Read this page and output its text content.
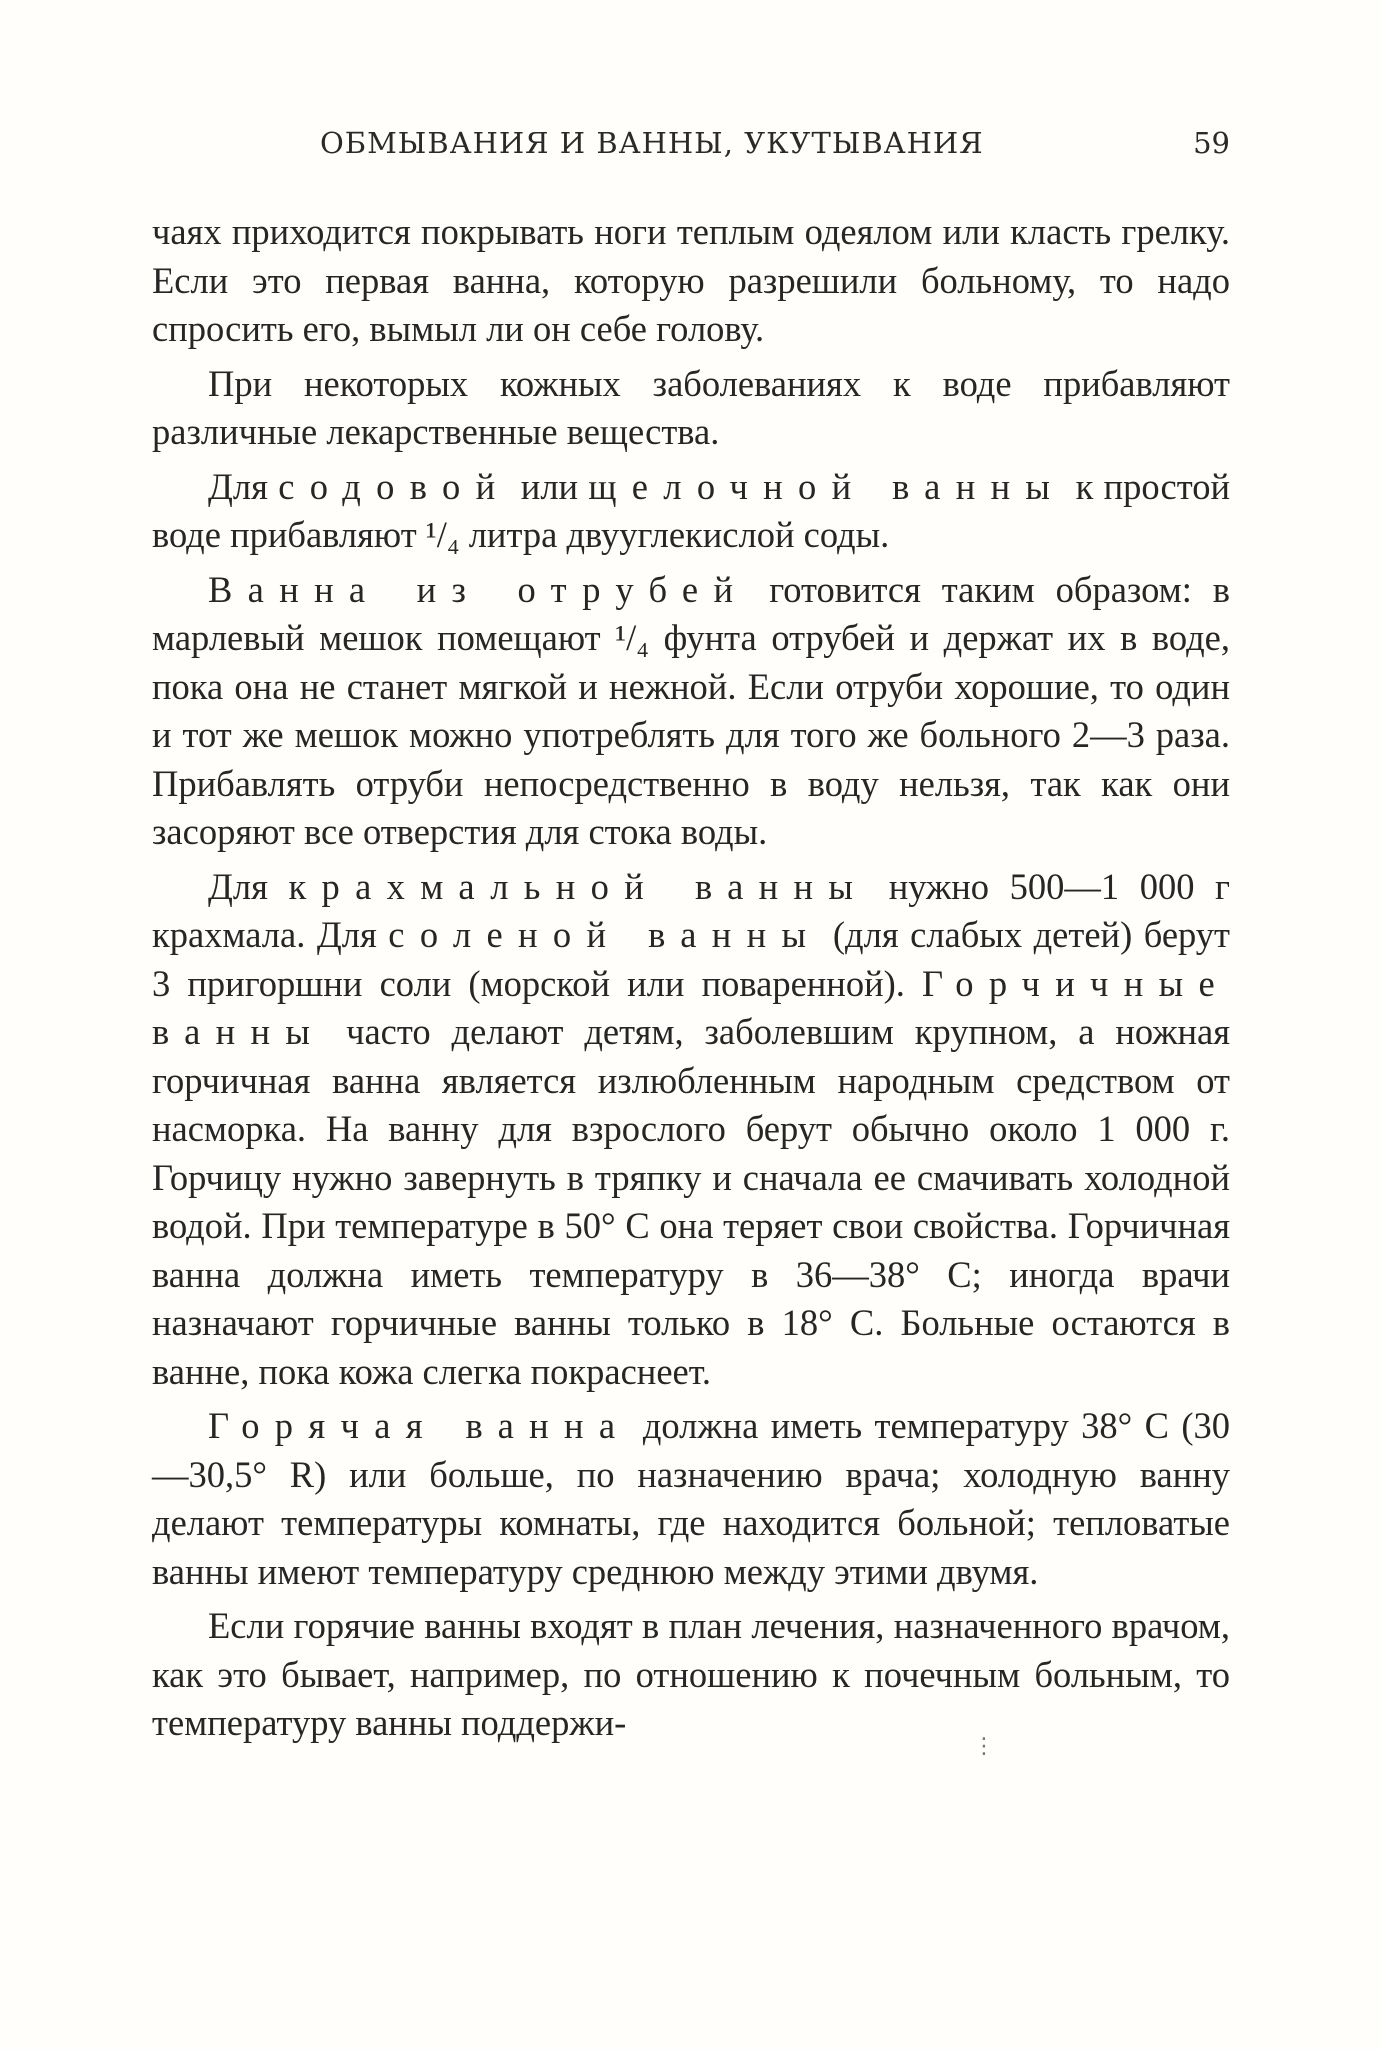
ОБМЫВАНИЯ И ВАННЫ, УКУТЫВАНИЯ	59

чаях приходится покрывать ноги теплым одеялом или класть грелку. Если это первая ванна, которую разрешили больному, то надо спросить его, вымыл ли он себе голову.

При некоторых кожных заболеваниях к воде прибавляют различные лекарственные вещества.

Для содовой или щелочной ванны к простой воде прибавляют ¹/₄ литра двууглекислой соды.

Ванна из отрубей готовится таким образом: в марлевый мешок помещают ¹/₄ фунта отрубей и держат их в воде, пока она не станет мягкой и нежной. Если отруби хорошие, то один и тот же мешок можно употреблять для того же больного 2—3 раза. Прибавлять отруби непосредственно в воду нельзя, так как они засоряют все отверстия для стока воды.

Для крахмальной ванны нужно 500—1 000 г крахмала. Для соленой ванны (для слабых детей) берут 3 пригоршни соли (морской или поваренной). Горчичные ванны часто делают детям, заболевшим крупном, а ножная горчичная ванна является излюбленным народным средством от насморка. На ванну для взрослого берут обычно около 1 000 г. Горчицу нужно завернуть в тряпку и сначала ее смачивать холодной водой. При температуре в 50° С она теряет свои свойства. Горчичная ванна должна иметь температуру в 36—38° С; иногда врачи назначают горчичные ванны только в 18° С. Больные остаются в ванне, пока кожа слегка покраснеет.

Горячая ванна должна иметь температуру 38° С (30—30,5° R) или больше, по назначению врача; холодную ванну делают температуры комнаты, где находится больной; тепловатые ванны имеют температуру среднюю между этими двумя.

Если горячие ванны входят в план лечения, назначенного врачом, как это бывает, например, по отношению к почечным больным, то температуру ванны поддержи-

⋮
